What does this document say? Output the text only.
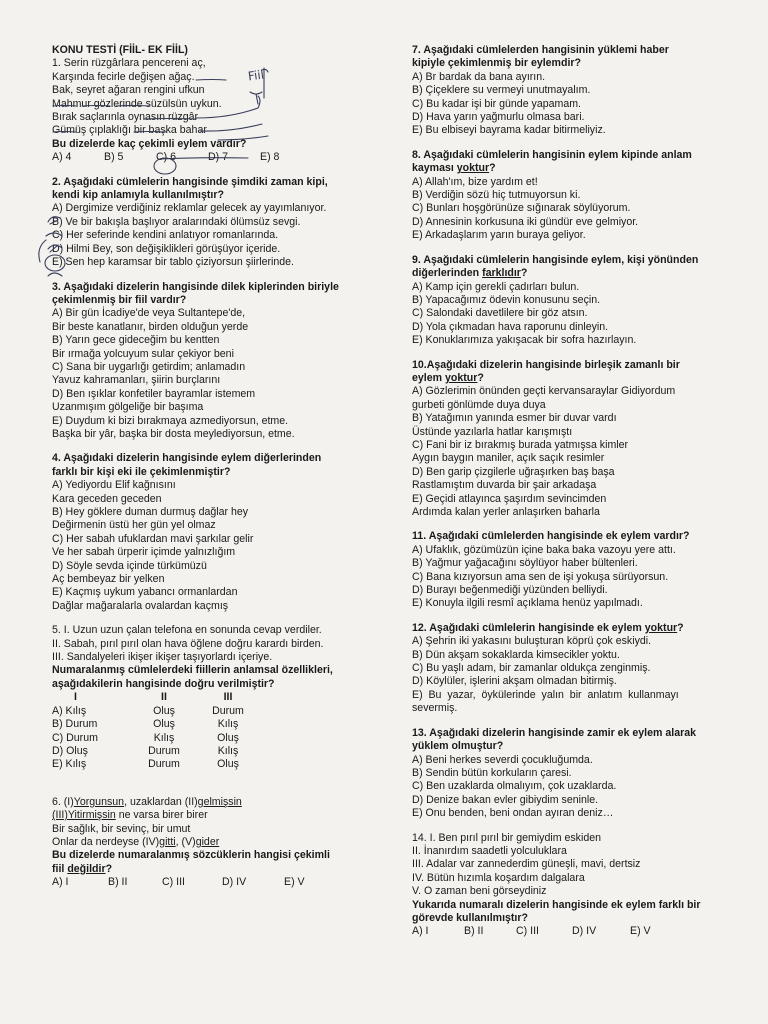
KONU TESTİ (FİİL- EK FİİL)
1. Serin rüzgârlara pencereni aç,
Karşında fecirle değişen ağaç.
Bak, seyret ağaran rengini ufkun
Mahmur gözlerinde süzülsün uykun.
Bırak saçlarınla oynasın rüzgâr
Gümüş çıplaklığı bir başka bahar
Bu dizelerde kaç çekimli eylem vardır?
A) 4	B) 5	C) 6	D) 7	E) 8
2. Aşağıdaki cümlelerin hangisinde şimdiki zaman kipi,
kendi kip anlamıyla kullanılmıştır?
A) Dergimize verdiğiniz reklamlar gelecek ay yayımlanıyor.
B) Ve bir bakışla başlıyor aralarındaki ölümsüz sevgi.
C) Her seferinde kendini anlatıyor romanlarında.
D) Hilmi Bey, son değişiklikleri görüşüyor içeride.
E) Sen hep karamsar bir tablo çiziyorsun şiirlerinde.
3. Aşağıdaki dizelerin hangisinde dilek kiplerinden biriyle
çekimlenmiş bir fiil vardır?
A) Bir gün İcadiye'de veya Sultantepe'de,
Bir beste kanatlanır, birden oldu​ğun yerde
B) Yarın gece gideceğim bu kentten
Bir ırmağa yolcuyum sular çekiyor beni
C) Sana bir uygarlığı getirdim; anlamadın
Yavuz kahramanları, şiirin burçlarını
D) Ben ışıklar konfetiler bayramlar istemem
Uzanmışım gölgeliğe bir başıma
E) Duydum ki bizi bırakmaya azmediyorsun, etme.
Başka bir yâr, başka bir dosta meylediyorsun, etme.
4. Aşağıdaki dizelerin hangisinde eylem diğerlerinden
farklı bir kişi eki ile çekimlenmiştir?
A) Yediyordu Elif kağnısını
Kara geceden geceden
B) Hey göklere duman durmuş dağlar hey
Değirmenin üstü her gün yel olmaz
C) Her sabah ufuklardan mavi şarkılar gelir
Ve her sabah ürperir içimde yalnızlığım
D) Söyle sevda içinde türkümüzü
Aç bembeyaz bir yelken
E) Kaçmış uykum yabancı ormanlardan
Dağlar mağaralarla ovalardan kaçmış
5. I. Uzun uzun çalan telefona en sonunda cevap verdiler.
II. Sabah, pırıl pırıl olan hava öğlene doğru karardı birden.
III. Sandalyeleri ikişer ikişer taşıyorlardı içeriye.
Numaralanmış cümlelerdeki fiillerin anlamsal özellikleri,
aşağıdakilerin hangisinde doğru verilmiştir?
I	II	III
A) Kılış	Oluş	Durum
B) Durum	Oluş	Kılış
C) Durum	Kılış	Oluş
D) Oluş	Durum	Kılış
E) Kılış	Durum	Oluş
6. (I)Yorgunsun, uzaklardan (II)gelmişsin
(III)Yitirmişsin ne varsa birer birer
Bir sağlık, bir sevinç, bir umut
Onlar da nerdeyse (IV)gitti, (V)gider
Bu dizelerde numaralanmış sözcüklerin hangisi çekimli
fiil değildir?
A) I	B) II	C) III	D) IV	E) V
7. Aşağıdaki cümlelerden hangisinin yüklemi haber
kipiyle çekimlenmiş bir eylemdir?
A) Br bardak da bana ayırın.
B) Çiçeklere su vermeyi unutmayalım.
C) Bu kadar işi bir günde yapamam.
D) Hava yarın yağmurlu olmasa bari.
E) Bu elbiseyi bayrama kadar bitirmeliyiz.
8. Aşağıdaki cümlelerin hangisinin eylem kipinde anlam
kayması yoktur?
A) Allah'ım, bize yardım et!
B) Verdiğin sözü hiç tutmuyorsun ki.
C) Bunları hoşgörünüze sığınarak söylüyorum.
D) Annesinin korkusuna iki gündür eve gelmiyor.
E) Arkadaşlarım yarın buraya geliyor.
9. Aşağıdaki cümlelerin hangisinde eylem, kişi yönünden
diğerlerinden farklıdır?
A) Kamp için gerekli çadırları bulun.
B) Yapacağımız ödevin konusunu seçin.
C) Salondaki davetlilere bir göz atsın.
D) Yola çıkmadan hava raporunu dinleyin.
E) Konuklarımıza yakışacak bir sofra hazırlayın.
10.Aşağıdaki dizelerin hangisinde birleşik zamanlı bir
eylem yoktur?
A) Gözlerimin önünden geçti kervansaraylar Gidiyordum
gurbeti gönlümde duya duya
B) Yatağımın yanında esmer bir duvar vardı
Üstünde yazılarla hatlar karışmıştı
C) Fani bir iz bırakmış burada yatmışsa kimler
Aygın baygın maniler, açık saçık resimler
D) Ben garip çizgilerle uğraşırken baş başa
Rastlamıştım duvarda bir şair arkadaşa
E) Geçidi atlayınca şaşırdım sevincimden
Ardımda kalan yerler anlaşırken baharla
11. Aşağıdaki cümlelerden hangisinde ek eylem vardır?
A) Ufaklık, gözümüzün içine baka baka vazoyu yere attı.
B) Yağmur yağacağını söylüyor haber bültenleri.
C) Bana kızıyorsun ama sen de işi yokuşa sürüyorsun.
D) Burayı beğenmediği yüzünden belliydi.
E) Konuyla ilgili resmî açıklama henüz yapılmadı.
12. Aşağıdaki cümlelerin hangisinde ek eylem yoktur?
A) Şehrin iki yakasını buluşturan köprü çok eskiydi.
B) Dün akşam sokaklarda kimsecikler yoktu.
C) Bu yaşlı adam, bir zamanlar oldukça zenginmiş.
D) Köylüler, işlerini akşam olmadan bitirmiş.
E)  Bu  yazar,  öykülerinde  yalın  bir  anlatım  kullanmayı
severmiş.
13. Aşağıdaki dizelerin hangisinde zamir ek eylem alarak
yüklem olmuştur?
A) Beni herkes severdi çocukluğumda.
B) Sendin bütün korkuların çaresi.
C) Ben uzaklarda olmalıyım, çok uzaklarda.
D) Denize bakan evler gibiydim seninle.
E) Onu benden, beni ondan ayıran deniz…
14. I. Ben pırıl pırıl bir gemiydim eskiden
II. İnanırdım saadetli yolculuklara
III. Adalar var zannederdim güneşli, mavi, dertsiz
IV. Bütün hızımla koşardım dalgalara
V. O zaman beni görseydiniz
Yukarıda numaralı dizelerin hangisinde ek eylem farklı bir
görevde kullanılmıştır?
A) I	B) II	C) III	D) IV	E) V
Fiil
